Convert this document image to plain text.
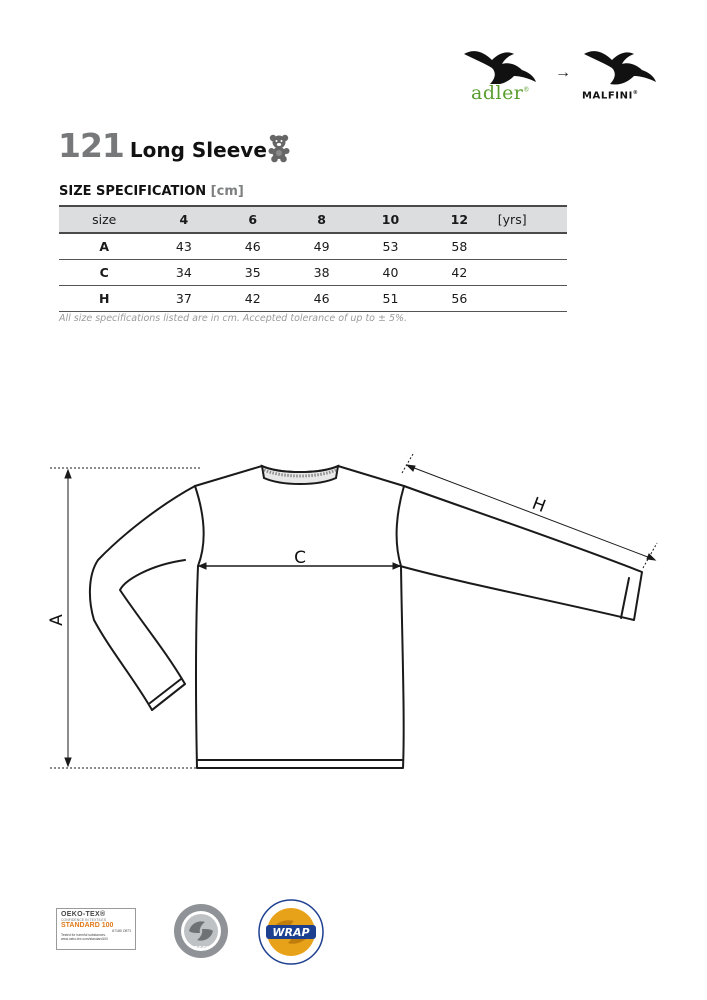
adler®
→
MALFINI®
121 Long Sleeve
SIZE SPECIFICATION [cm]
size	4	6	8	10	12	[yrs]
A	43	46	49	53	58	
C	34	35	38	40	42	
H	37	42	46	51	56	
All size specifications listed are in cm. Accepted tolerance of up to ± 5%.
A
C
H
OEKO-TEX®
CONFIDENCE IN TEXTILES
STANDARD 100
67180 OETI
Tested for harmful substances.
www.oeko-tex.com/standard100
BSCI
WRAP
